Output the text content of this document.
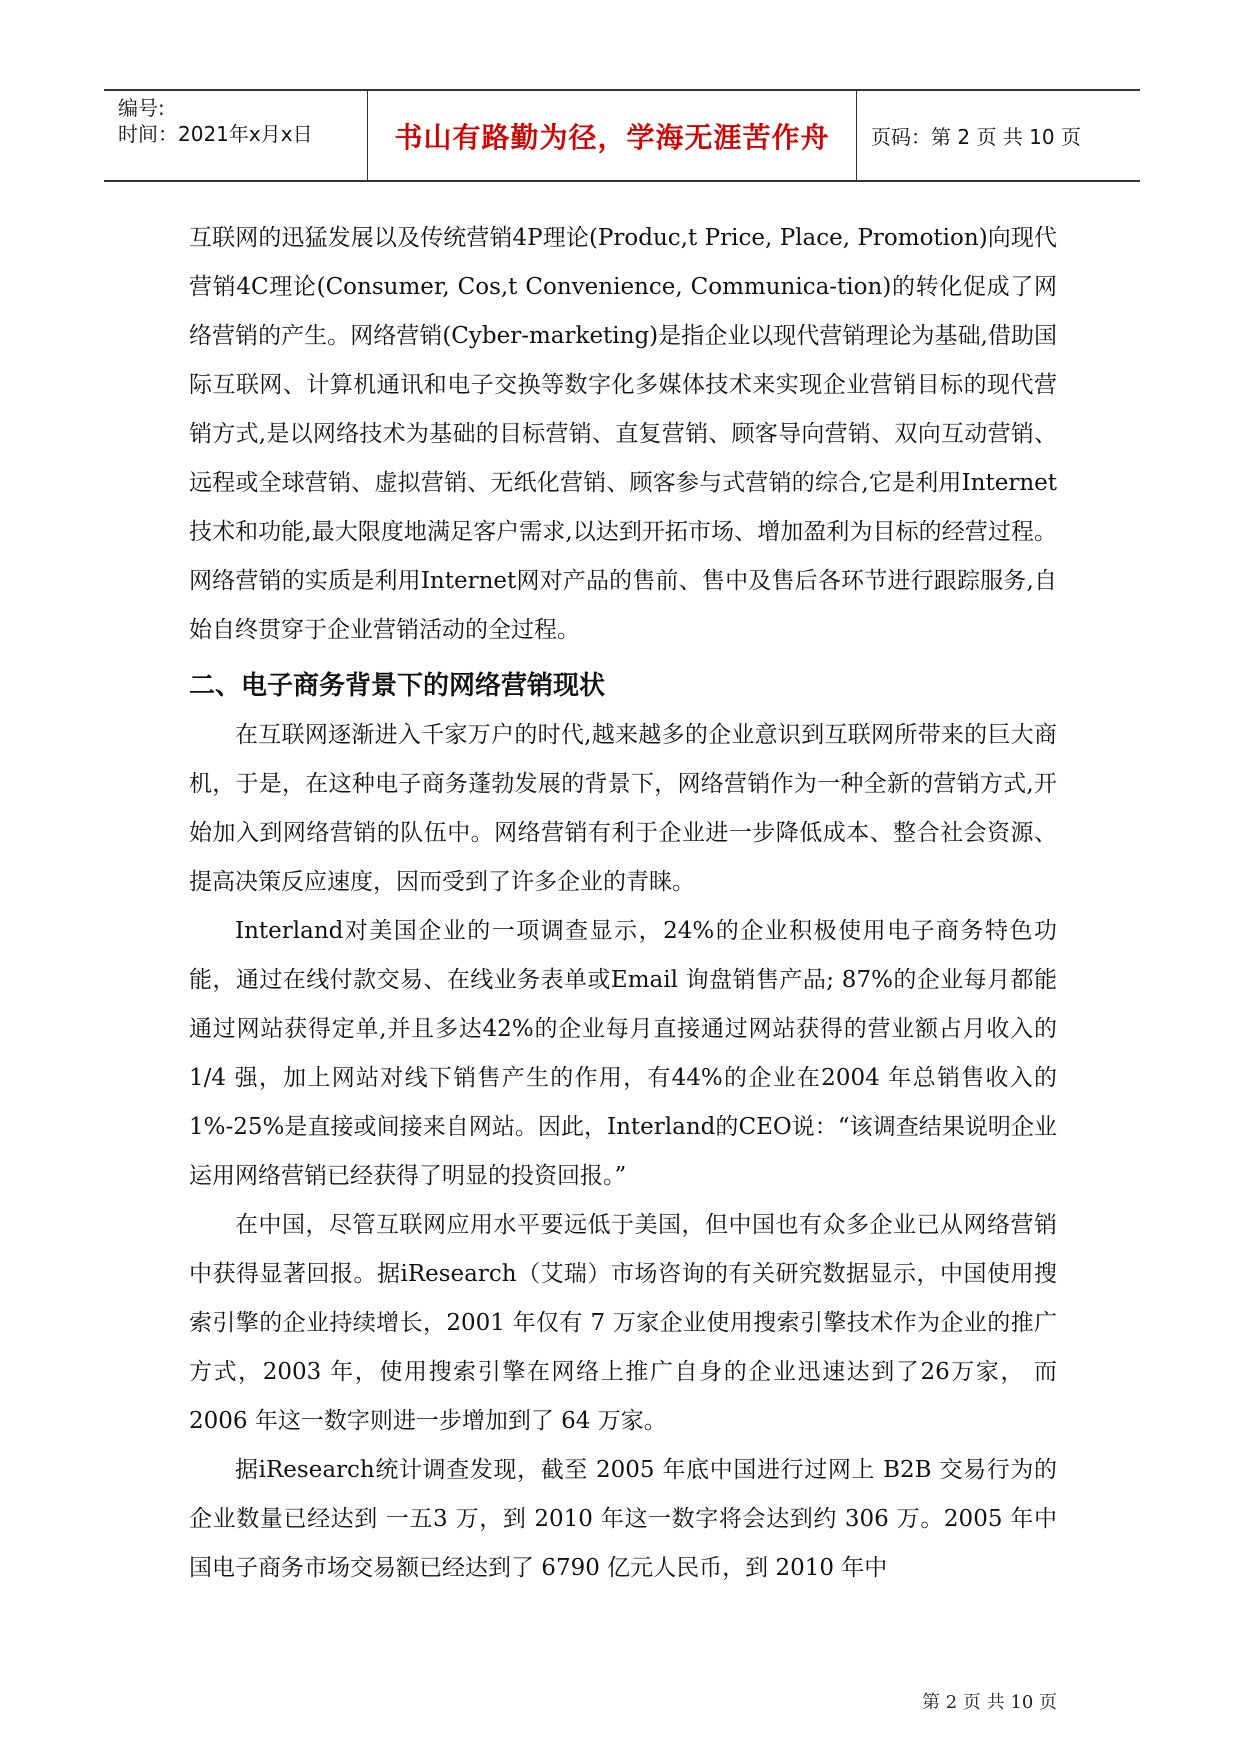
编号:
时间：2021年x月x日	书山有路勤为径，学海无涯苦作舟	页码：第 2 页 共 10 页

互联网的迅猛发展以及传统营销4P理论(Produc,t Price, Place, Promotion)向现代营销4C理论(Consumer, Cos,t Convenience, Communica-tion)的转化促成了网络营销的产生。网络营销(Cyber-marketing)是指企业以现代营销理论为基础,借助国际互联网、计算机通讯和电子交换等数字化多媒体技术来实现企业营销目标的现代营销方式,是以网络技术为基础的目标营销、直复营销、顾客导向营销、双向互动营销、远程或全球营销、虚拟营销、无纸化营销、顾客参与式营销的综合,它是利用Internet技术和功能,最大限度地满足客户需求,以达到开拓市场、增加盈利为目标的经营过程。网络营销的实质是利用Internet网对产品的售前、售中及售后各环节进行跟踪服务,自始自终贯穿于企业营销活动的全过程。

二、电子商务背景下的网络营销现状

在互联网逐渐进入千家万户的时代,越来越多的企业意识到互联网所带来的巨大商机，于是，在这种电子商务蓬勃发展的背景下，网络营销作为一种全新的营销方式,开始加入到网络营销的队伍中。网络营销有利于企业进一步降低成本、整合社会资源、提高决策反应速度，因而受到了许多企业的青睐。

Interland对美国企业的一项调查显示，24%的企业积极使用电子商务特色功能，通过在线付款交易、在线业务表单或Email 询盘销售产品; 87%的企业每月都能通过网站获得定单,并且多达42%的企业每月直接通过网站获得的营业额占月收入的1/4 强，加上网站对线下销售产生的作用，有44%的企业在2004 年总销售收入的1%-25%是直接或间接来自网站。因此，Interland的CEO说：“该调查结果说明企业运用网络营销已经获得了明显的投资回报。”

在中国，尽管互联网应用水平要远低于美国，但中国也有众多企业已从网络营销中获得显著回报。据iResearch（艾瑞）市场咨询的有关研究数据显示，中国使用搜索引擎的企业持续增长，2001 年仅有 7 万家企业使用搜索引擎技术作为企业的推广方式，2003 年，使用搜索引擎在网络上推广自身的企业迅速达到了26万家， 而2006 年这一数字则进一步增加到了 64 万家。

据iResearch统计调查发现，截至 2005 年底中国进行过网上 B2B 交易行为的企业数量已经达到 一五3 万，到 2010 年这一数字将会达到约 306 万。2005 年中国电子商务市场交易额已经达到了 6790 亿元人民币，到 2010 年中

第 2 页 共 10 页
